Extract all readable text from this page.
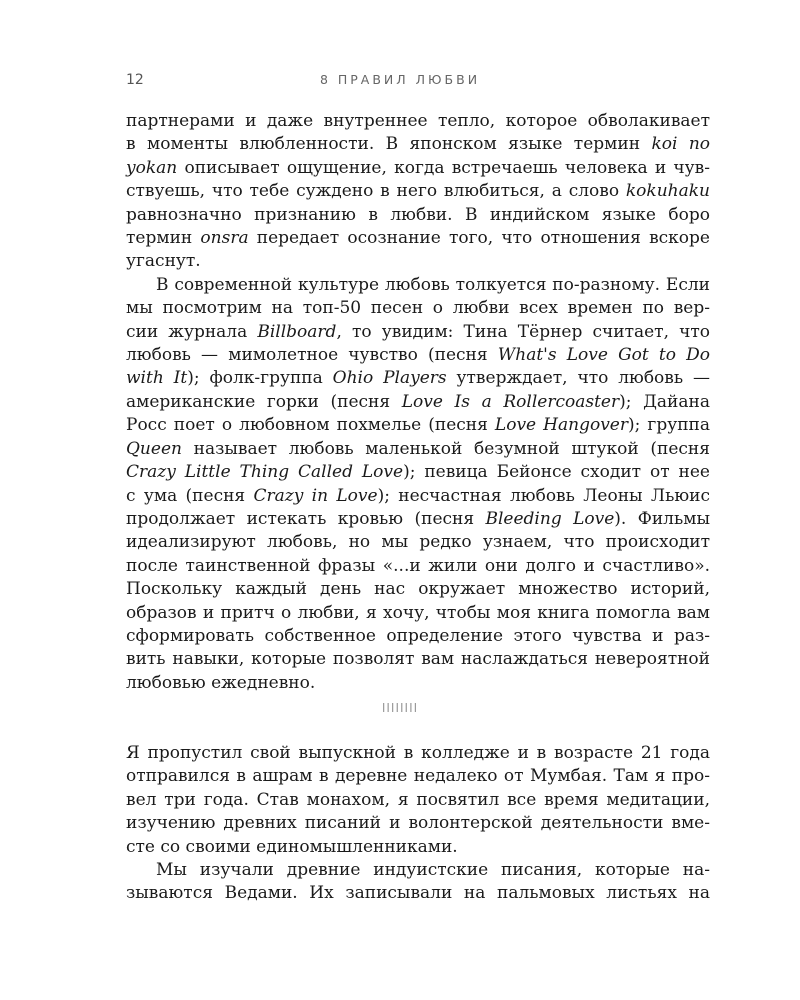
12	8 ПРАВИЛ ЛЮБВИ
партнерами и даже внутреннее тепло, которое обволакивает
в моменты влюбленности. В японском языке термин koi no
yokan описывает ощущение, когда встречаешь человека и чув-
ствуешь, что тебе суждено в него влюбиться, а слово kokuhaku
равнозначно признанию в любви. В индийском языке боро
термин onsra передает осознание того, что отношения вскоре
угаснут.
В современной культуре любовь толкуется по-разному. Если
мы посмотрим на топ-50 песен о любви всех времен по вер-
сии журнала Billboard, то увидим: Тина Тёрнер считает, что
любовь — мимолетное чувство (песня What's Love Got to Do
with It); фолк-группа Ohio Players утверждает, что любовь —
американские горки (песня Love Is a Rollercoaster); Дайана
Росс поет о любовном похмелье (песня Love Hangover); группа
Queen называет любовь маленькой безумной штукой (песня
Crazy Little Thing Called Love); певица Бейонсе сходит от нее
с ума (песня Crazy in Love); несчастная любовь Леоны Льюис
продолжает истекать кровью (песня Bleeding Love). Фильмы
идеализируют любовь, но мы редко узнаем, что происходит
после таинственной фразы «...и жили они долго и счастливо».
Поскольку каждый день нас окружает множество историй,
образов и притч о любви, я хочу, чтобы моя книга помогла вам
сформировать собственное определение этого чувства и раз-
вить навыки, которые позволят вам наслаждаться невероятной
любовью ежедневно.
IIIIIIII
Я пропустил свой выпускной в колледже и в возрасте 21 года
отправился в ашрам в деревне недалеко от Мумбая. Там я про-
вел три года. Став монахом, я посвятил все время медитации,
изучению древних писаний и волонтерской деятельности вме-
сте со своими единомышленниками.
Мы изучали древние индуистские писания, которые на-
зываются Ведами. Их записывали на пальмовых листьях на
